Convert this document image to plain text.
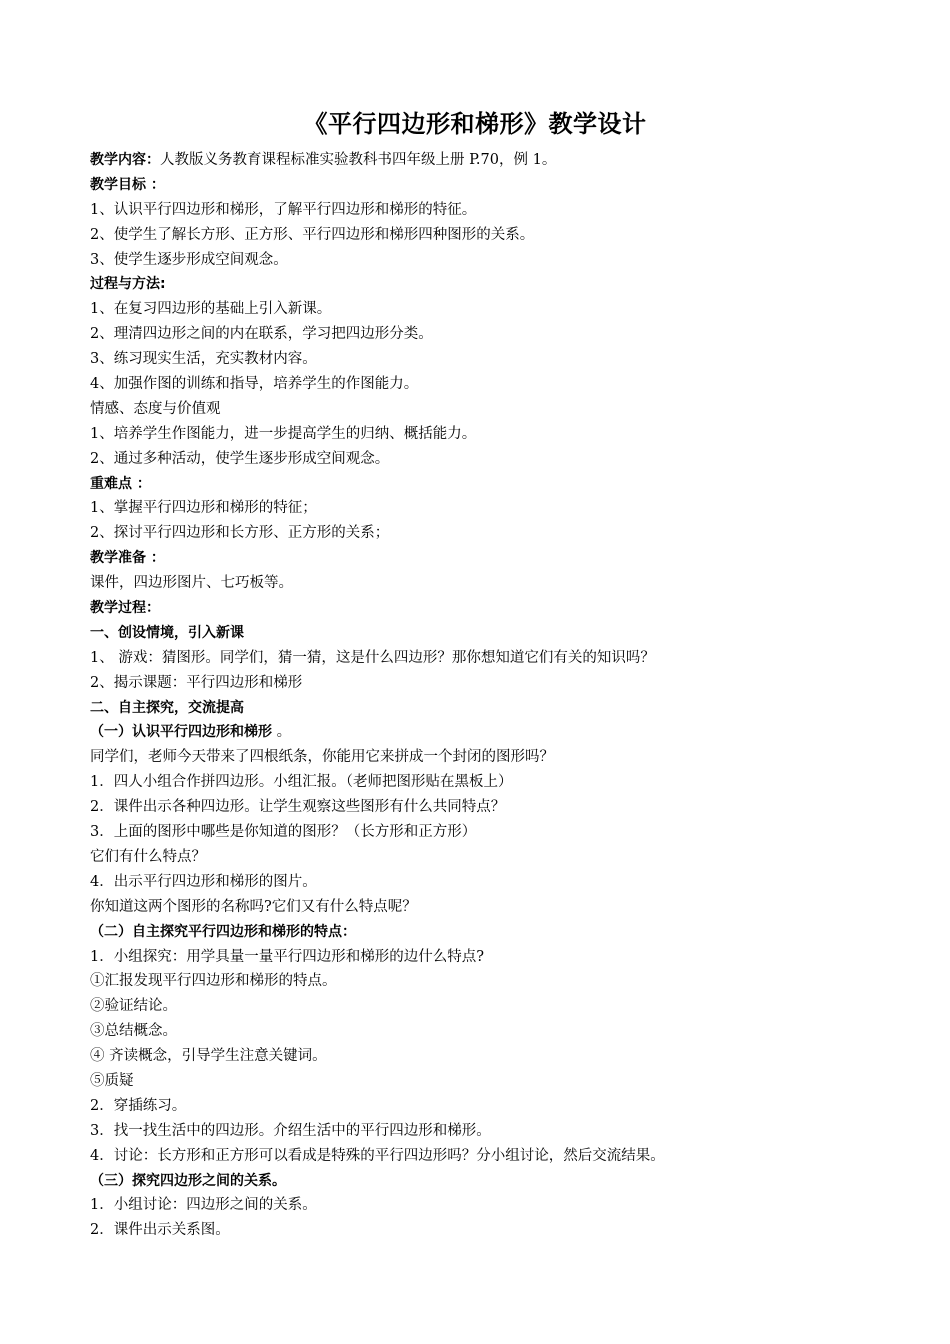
《平行四边形和梯形》教学设计
教学内容：人教版义务教育课程标准实验教科书四年级上册 P.70，例 1。
教学目标 ：
1、认识平行四边形和梯形，了解平行四边形和梯形的特征。
2、使学生了解长方形、正方形、平行四边形和梯形四种图形的关系。
3、使学生逐步形成空间观念。
过程与方法:
1、在复习四边形的基础上引入新课。
2、理清四边形之间的内在联系，学习把四边形分类。
3、练习现实生活，充实教材内容。
4、加强作图的训练和指导，培养学生的作图能力。
情感、态度与价值观
1、培养学生作图能力，进一步提高学生的归纳、概括能力。
2、通过多种活动，使学生逐步形成空间观念。
重难点 ：
1、掌握平行四边形和梯形的特征；
2、探讨平行四边形和长方形、正方形的关系；
教学准备 ：
课件，四边形图片、七巧板等。
教学过程：
一、创设情境，引入新课
1、 游戏：猜图形。同学们，猜一猜，这是什么四边形？那你想知道它们有关的知识吗？
2、揭示课题：平行四边形和梯形
二、自主探究，交流提高
（一）认识平行四边形和梯形 。
同学们，老师今天带来了四根纸条，你能用它来拼成一个封闭的图形吗？
1．四人小组合作拼四边形。小组汇报。（老师把图形贴在黑板上）
2．课件出示各种四边形。让学生观察这些图形有什么共同特点？
3．上面的图形中哪些是你知道的图形？（长方形和正方形）
它们有什么特点？
4．出示平行四边形和梯形的图片。
你知道这两个图形的名称吗?它们又有什么特点呢？
（二）自主探究平行四边形和梯形的特点：
1．小组探究：用学具量一量平行四边形和梯形的边什么特点?
①汇报发现平行四边形和梯形的特点。
②验证结论。
③总结概念。
④ 齐读概念，引导学生注意关键词。
⑤质疑
2．穿插练习。
3．找一找生活中的四边形。介绍生活中的平行四边形和梯形。
4．讨论：长方形和正方形可以看成是特殊的平行四边形吗？分小组讨论，然后交流结果。
（三）探究四边形之间的关系。
1．小组讨论：四边形之间的关系。
2．课件出示关系图。
